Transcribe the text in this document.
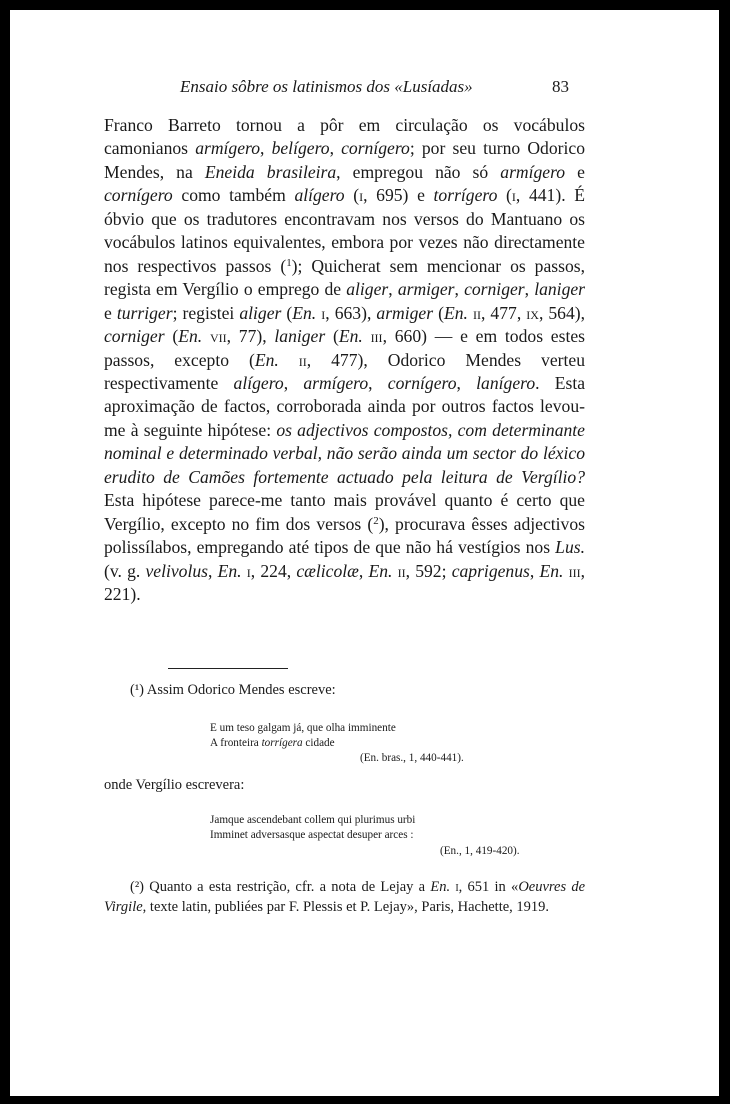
Ensaio sôbre os latinismos dos «Lusíadas»	83

Franco Barreto tornou a pôr em circulação os vocábulos camonianos armígero, belígero, cornígero; por seu turno Odorico Mendes, na Eneida brasileira, empregou não só armígero e cornígero como também alígero (i, 695) e torrígero (i, 441). É óbvio que os tradutores encontravam nos versos do Mantuano os vocábulos latinos equivalentes, embora por vezes não directamente nos respectivos passos ($^1$); Quicherat sem mencionar os passos, regista em Vergílio o emprego de aliger, armiger, corniger, laniger e turriger; registei aliger (En. i, 663), armiger (En. ii, 477, ix, 564), corniger (En. vii, 77), laniger (En. iii, 660) — e em todos estes passos, excepto (En. ii, 477), Odorico Mendes verteu respectivamente alígero, armígero, cornígero, lanígero. Esta aproximação de factos, corroborada ainda por outros factos levou-me à seguinte hipótese: os adjectivos compostos, com determinante nominal e determinado verbal, não serão ainda um sector do léxico erudito de Camões fortemente actuado pela leitura de Vergílio? Esta hipótese parece-me tanto mais provável quanto é certo que Vergílio, excepto no fim dos versos ($^2$), procurava êsses adjectivos polissílabos, empregando até tipos de que não há vestígios nos Lus. (v. g. velivolus, En. i, 224, cælicolæ, En. ii, 592; caprigenus, En. iii, 221).

(¹) Assim Odorico Mendes escreve:
E um teso galgam já, que olha imminente
A fronteira torrígera cidade
(En. bras., 1, 440-441).
onde Vergílio escrevera:
Jamque ascendebant collem qui plurimus urbi
Imminet adversasque aspectat desuper arces :
(En., 1, 419-420).
(²) Quanto a esta restrição, cfr. a nota de Lejay a En. i, 651 in «Oeuvres de Virgile, texte latin, publiées par F. Plessis et P. Lejay», Paris, Hachette, 1919.
